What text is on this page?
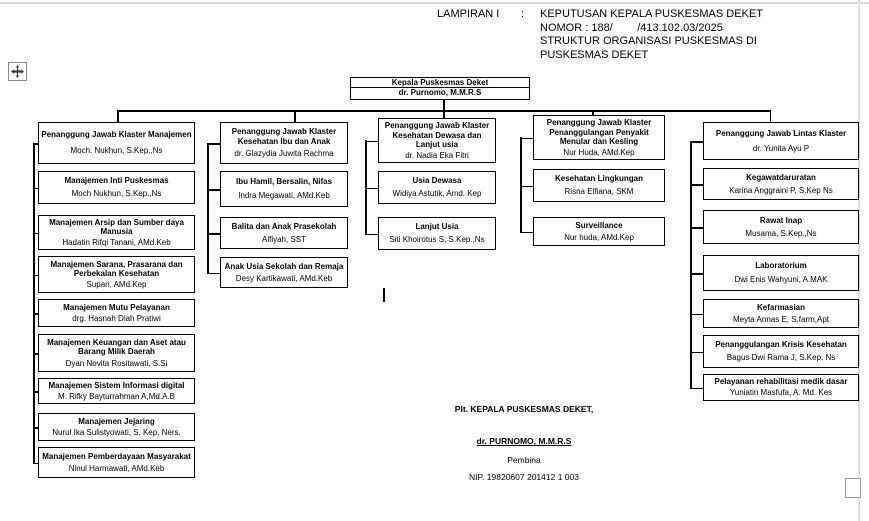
LAMPIRAN I	:	KEPUTUSAN KEPALA PUSKESMAS DEKET
NOMOR : 188/        /413.102.03/2025
STRUKTUR ORGANISASI PUSKESMAS DI
PUSKESMAS DEKET
Kepala Puskesmas Deket
dr. Purnomo, M.M.R.S
Penanggung Jawab Klaster Manajemen
Moch. Nukhun, S.Kep.,Ns
Manajemen Inti Puskesmas
Moch Nukhun, S.Kep.,Ns
Manajemen Arsip dan Sumber daya Manusia
Hadatin Rifqi Tanani, AMd.Keb
Manajemen Sarana, Prasarana dan Perbekalan Kesehatan
Supari, AMd.Kep
Manajemen Mutu Pelayanan
drg. Hasnah Diah Pratiwi
Manajemen Keuangan dan Aset atau Barang Milik Daerah
Dyan Novita Rositawati, S.Si
Manajemen Sistem Informasi digital
M. Rifky Bayturrahman A,Md.A.B
Manajemen Jejaring
Nurul Ika Sulistyowati, S. Kep, Ners.
Manajemen Pemberdayaan Masyarakat
Ninul Harmawati, AMd.Keb
Penanggung Jawab Klaster Kesehatan Ibu dan Anak
dr. Glazydia Juwita Rachma
Ibu Hamil, Bersalin, Nifas
Indra Megawati, AMd.Keb
Balita dan Anak Prasekolah
Alfiyah, SST
Anak Usia Sekolah dan Remaja
Desy Kartikawati, AMd.Keb
Penanggung Jawab Klaster Kesehatan Dewasa dan Lanjut usia
dr. Nadia Eka Fitri
Usia Dewasa
Widiya Astutik, Amd. Kep
Lanjut Usia
Siti Khoirotus S, S.Kep.,Ns
Penanggung Jawab Klaster Penanggulangan Penyakit Menular dan Kesling
Nur Huda, AMd.Kep
Kesehatan Lingkungan
Risna Elfiana, SKM
Surveillance
Nur huda, AMd.Kep
Penanggung Jawab Lintas Klaster
dr. Yunita Ayu P
Kegawatdaruratan
Karina Anggraini P, S.Kep Ns
Rawat Inap
Musama, S.Kep.,Ns
Laboratorium
Dwi Enis Wahyuni, A.MAK
Kefarmasian
Meyta Annas E, S.farm,Apt
Penanggulangan Krisis Kesehatan
Bagus Dwi Rama J, S.Kep. Ns
Pelayanan rehabilitasi medik dasar
Yuniatin Masfufa, A. Md. Kes
Plt. KEPALA PUSKESMAS DEKET,
dr. PURNOMO, M.M.R.S
Pembina
NIP. 19820607 201412 1 003
